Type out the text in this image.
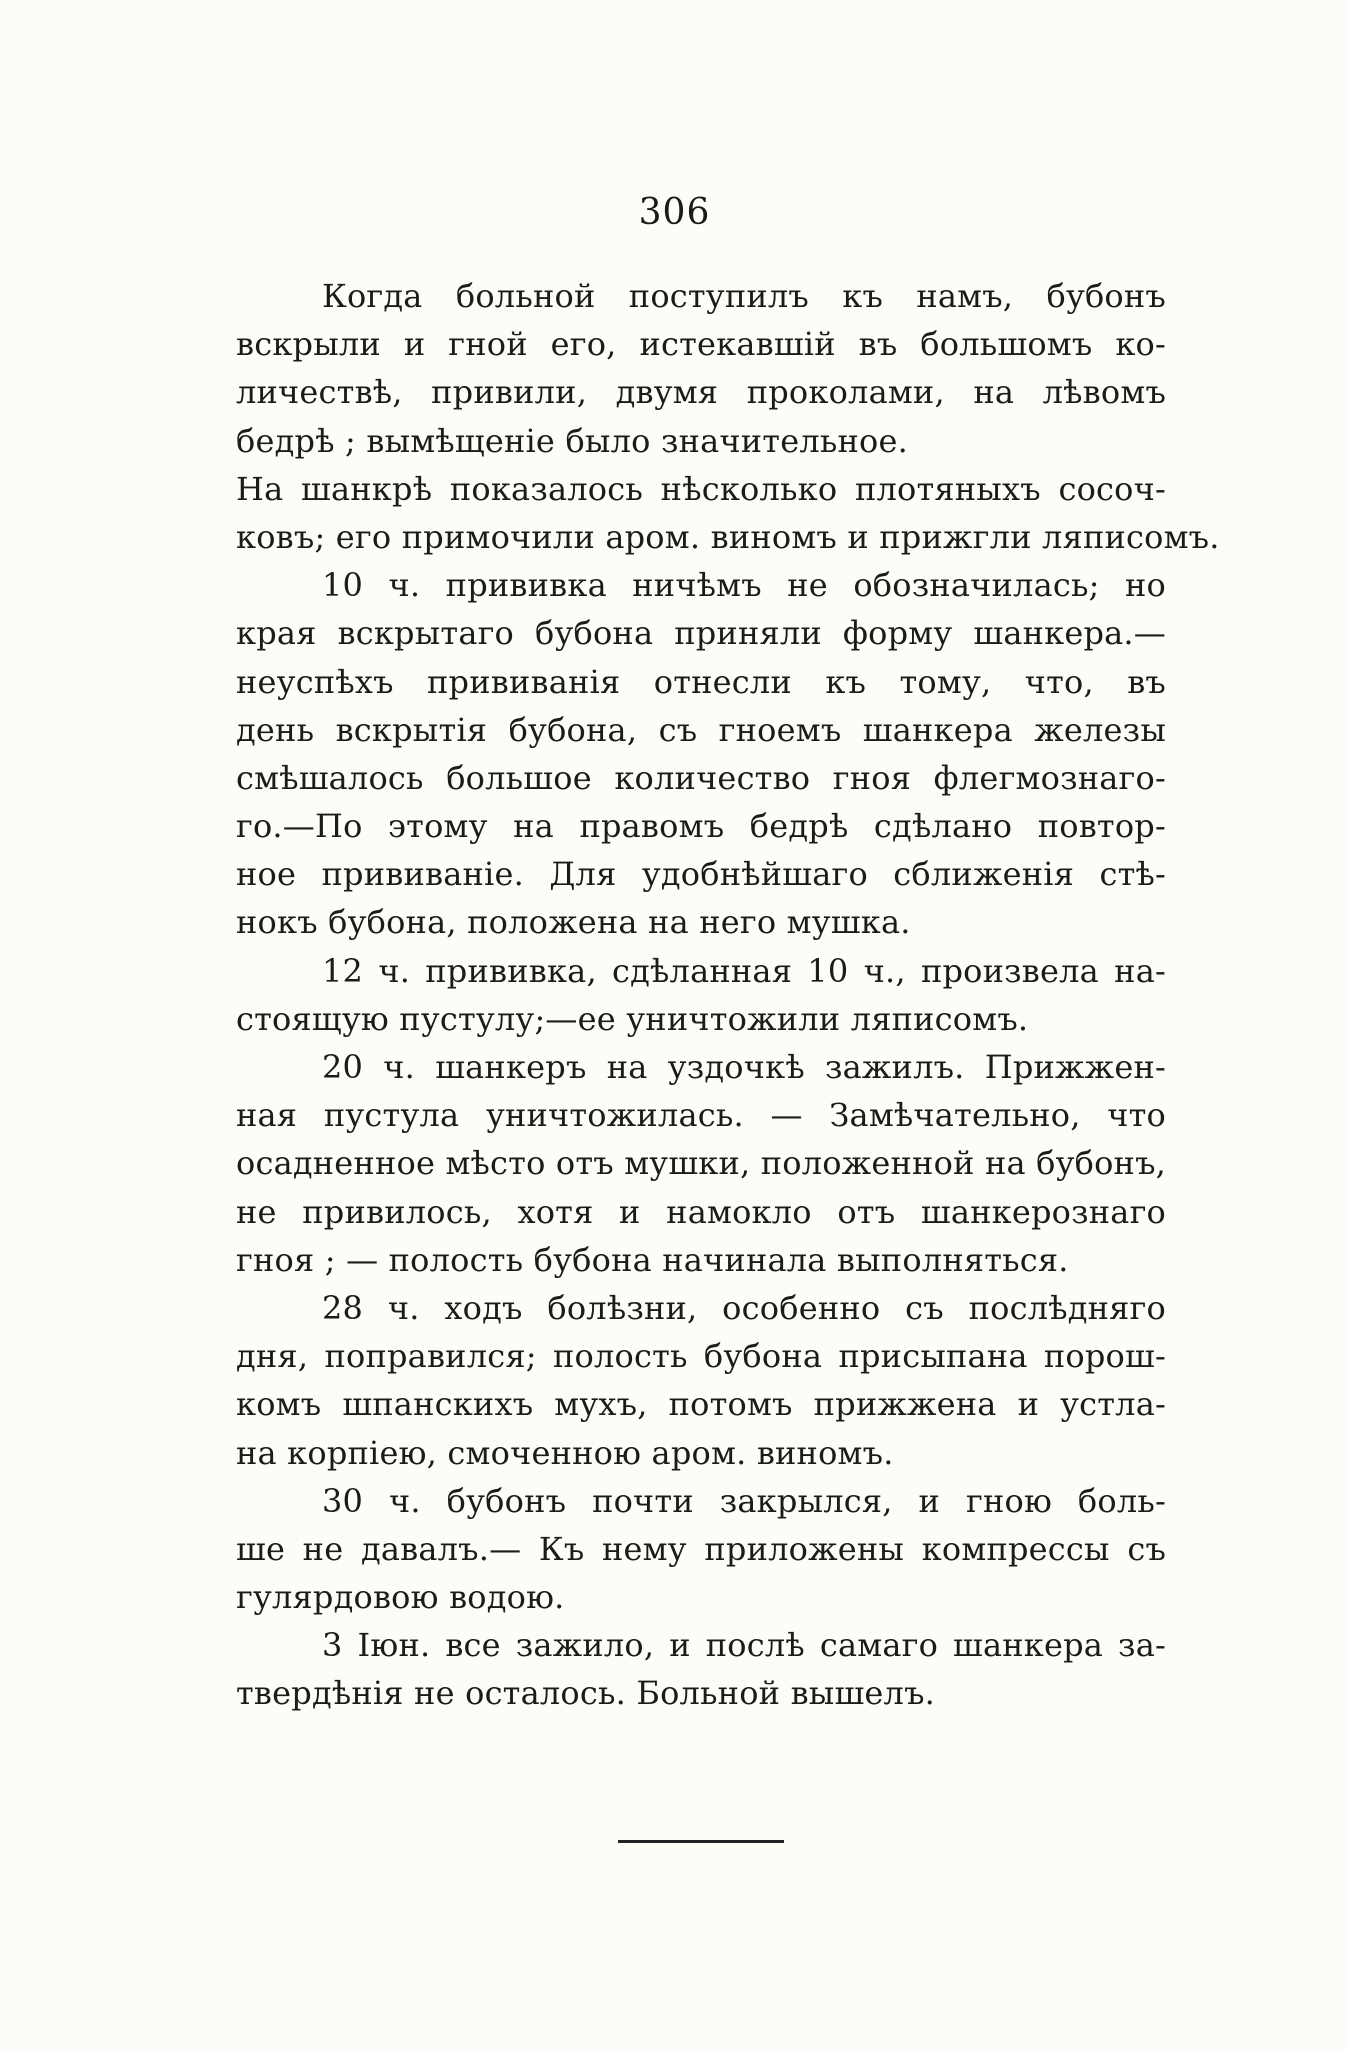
306
Когда больной поступилъ къ намъ, бубонъ
вскрыли и гной его, истекавшій въ большомъ ко-
личествѣ, привили, двумя проколами, на лѣвомъ
бедрѣ ; вымѣщеніе было значительное.
На шанкрѣ показалось нѣсколько плотяныхъ сосоч-
ковъ; его примочили аром. виномъ и прижгли ляписомъ.
10 ч. прививка ничѣмъ не обозначилась; но
края вскрытаго бубона приняли форму шанкера.—
неуспѣхъ прививанія отнесли къ тому, что, въ
день вскрытія бубона, съ гноемъ шанкера железы
смѣшалось большое количество гноя флегмознаго-
го.—По этому на правомъ бедрѣ сдѣлано повтор-
ное прививаніе. Для удобнѣйшаго сближенія стѣ-
нокъ бубона, положена на него мушка.
12 ч. прививка, сдѣланная 10 ч., произвела на-
стоящую пустулу;—ее уничтожили ляписомъ.
20 ч. шанкеръ на уздочкѣ зажилъ. Прижжен-
ная пустула уничтожилась. — Замѣчательно, что
осадненное мѣсто отъ мушки, положенной на бубонъ,
не привилось, хотя и намокло отъ шанкерознаго
гноя ; — полость бубона начинала выполняться.
28 ч. ходъ болѣзни, особенно съ послѣдняго
дня, поправился; полость бубона присыпана порош-
комъ шпанскихъ мухъ, потомъ прижжена и устла-
на корпіею, смоченною аром. виномъ.
30 ч. бубонъ почти закрылся, и гною боль-
ше не давалъ.— Къ нему приложены компрессы съ
гулярдовою водою.
3 Іюн. все зажило, и послѣ самаго шанкера за-
твердѣнія не осталось. Больной вышелъ.
